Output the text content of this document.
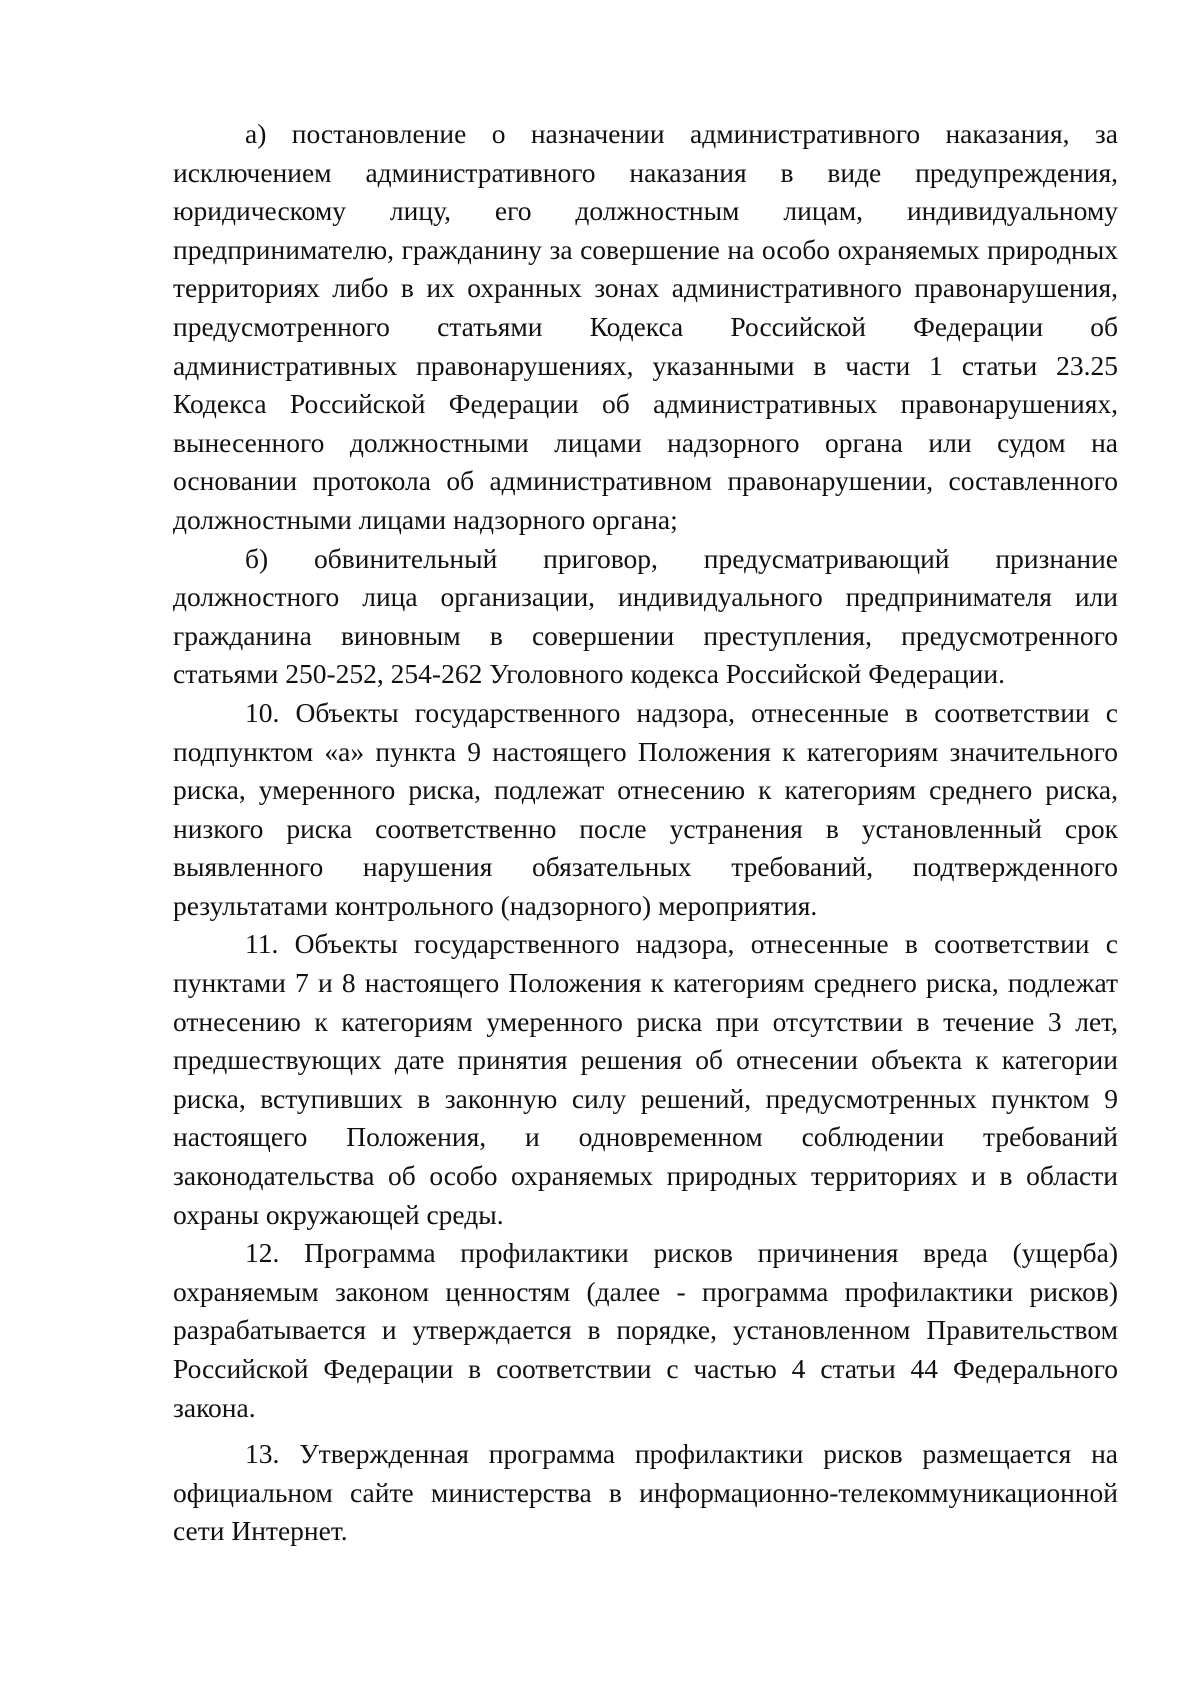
а) постановление о назначении административного наказания, за исключением административного наказания в виде предупреждения, юридическому лицу, его должностным лицам, индивидуальному предпринимателю, гражданину за совершение на особо охраняемых природных территориях либо в их охранных зонах административного правонарушения, предусмотренного статьями Кодекса Российской Федерации об административных правонарушениях, указанными в части 1 статьи 23.25 Кодекса Российской Федерации об административных правонарушениях, вынесенного должностными лицами надзорного органа или судом на основании протокола об административном правонарушении, составленного должностными лицами надзорного органа;

б) обвинительный приговор, предусматривающий признание должностного лица организации, индивидуального предпринимателя или гражданина виновным в совершении преступления, предусмотренного статьями 250-252, 254-262 Уголовного кодекса Российской Федерации.

10. Объекты государственного надзора, отнесенные в соответствии с подпунктом «а» пункта 9 настоящего Положения к категориям значительного риска, умеренного риска, подлежат отнесению к категориям среднего риска, низкого риска соответственно после устранения в установленный срок выявленного нарушения обязательных требований, подтвержденного результатами контрольного (надзорного) мероприятия.

11. Объекты государственного надзора, отнесенные в соответствии с пунктами 7 и 8 настоящего Положения к категориям среднего риска, подлежат отнесению к категориям умеренного риска при отсутствии в течение 3 лет, предшествующих дате принятия решения об отнесении объекта к категории риска, вступивших в законную силу решений, предусмотренных пунктом 9 настоящего Положения, и одновременном соблюдении требований законодательства об особо охраняемых природных территориях и в области охраны окружающей среды.

12. Программа профилактики рисков причинения вреда (ущерба) охраняемым законом ценностям (далее - программа профилактики рисков) разрабатывается и утверждается в порядке, установленном Правительством Российской Федерации в соответствии с частью 4 статьи 44 Федерального закона.

13. Утвержденная программа профилактики рисков размещается на официальном сайте министерства в информационно-телекоммуникационной сети Интернет.
